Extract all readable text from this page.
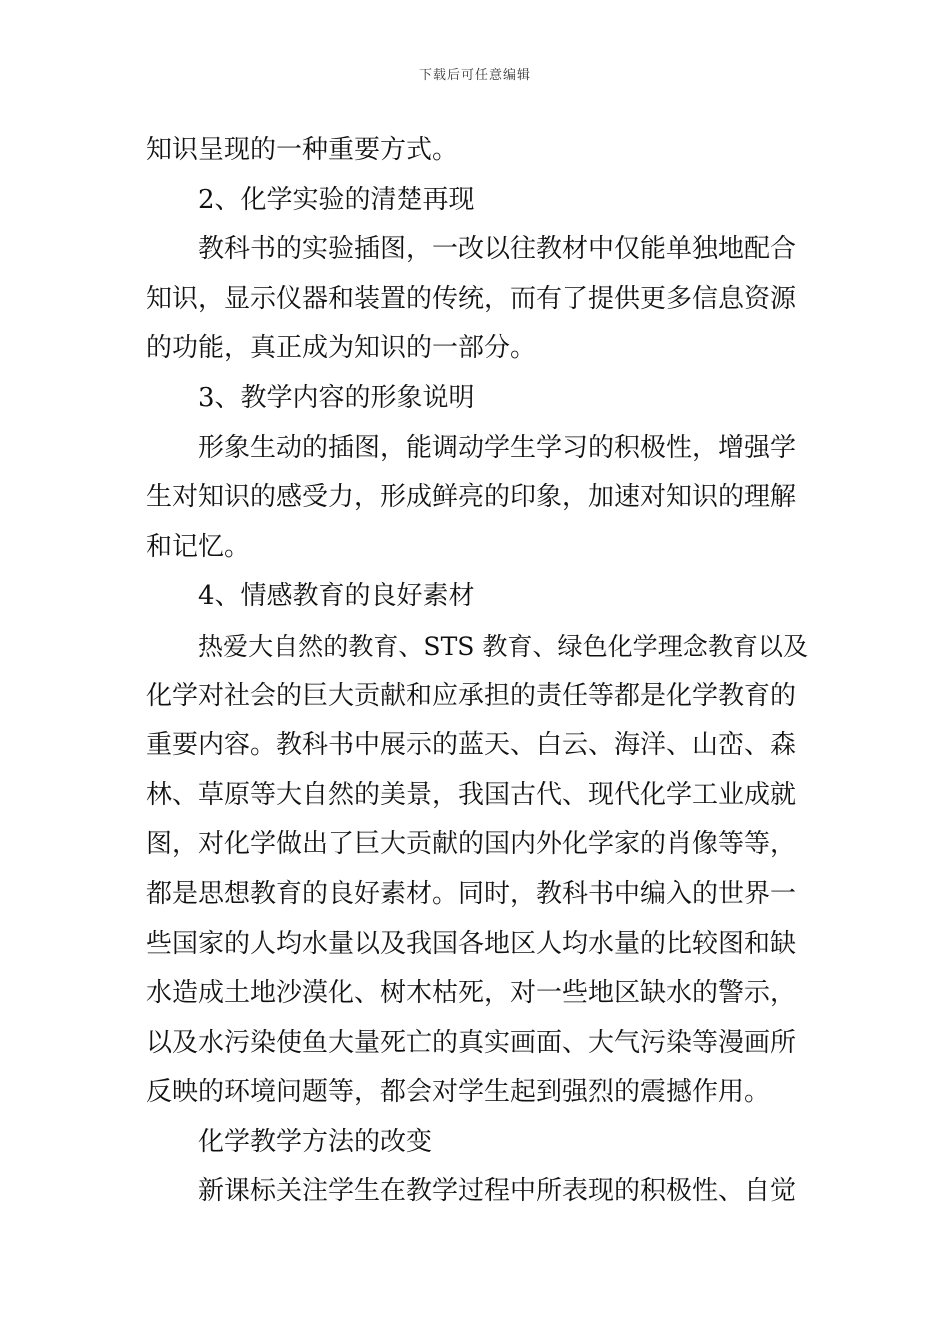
下载后可任意编辑
知识呈现的一种重要方式。
2、化学实验的清楚再现
教科书的实验插图，一改以往教材中仅能单独地配合
知识，显示仪器和装置的传统，而有了提供更多信息资源
的功能，真正成为知识的一部分。
3、教学内容的形象说明
形象生动的插图，能调动学生学习的积极性，增强学
生对知识的感受力，形成鲜亮的印象，加速对知识的理解
和记忆。
4、情感教育的良好素材
热爱大自然的教育、STS 教育、绿色化学理念教育以及
化学对社会的巨大贡献和应承担的责任等都是化学教育的
重要内容。教科书中展示的蓝天、白云、海洋、山峦、森
林、草原等大自然的美景，我国古代、现代化学工业成就
图，对化学做出了巨大贡献的国内外化学家的肖像等等，
都是思想教育的良好素材。同时，教科书中编入的世界一
些国家的人均水量以及我国各地区人均水量的比较图和缺
水造成土地沙漠化、树木枯死，对一些地区缺水的警示，
以及水污染使鱼大量死亡的真实画面、大气污染等漫画所
反映的环境问题等，都会对学生起到强烈的震撼作用。
化学教学方法的改变
新课标关注学生在教学过程中所表现的积极性、自觉
